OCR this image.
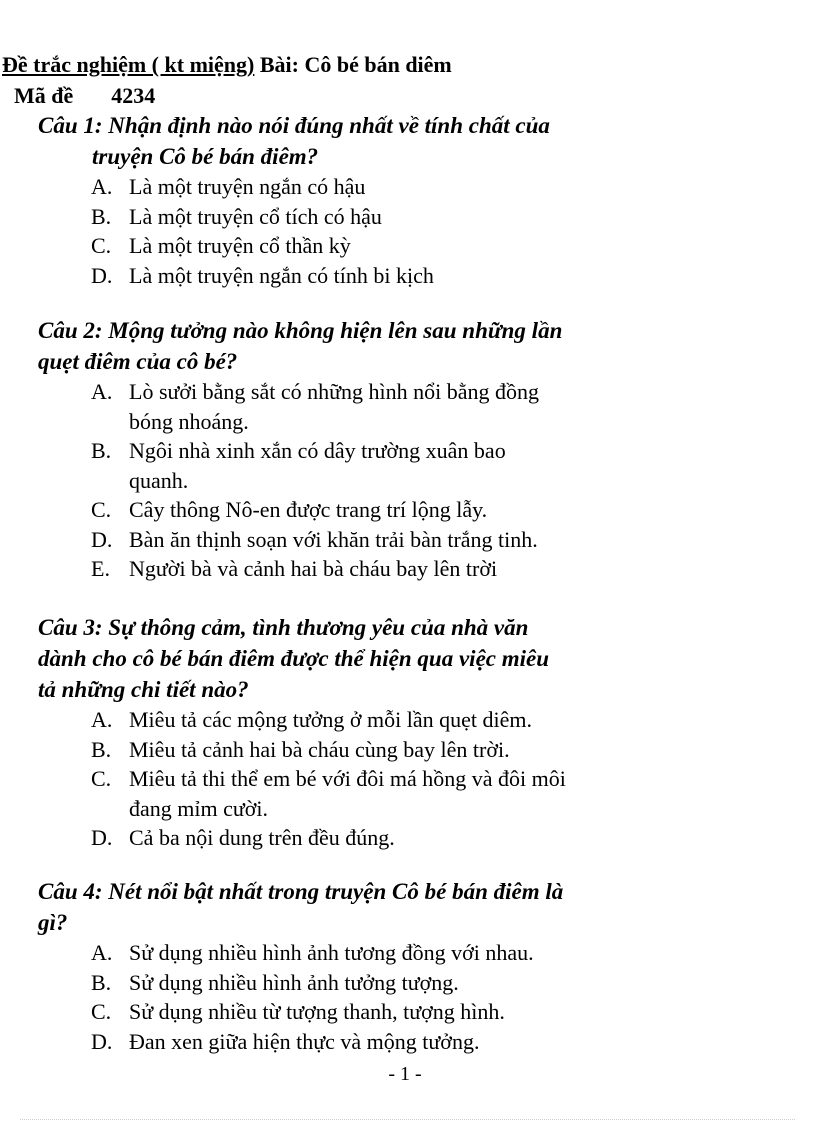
Đề trắc nghiệm ( kt miệng) Bài: Cô bé bán diêm
Mã đề 4234
Câu 1: Nhận định nào nói đúng nhất về tính chất của
truyện Cô bé bán điêm?
A. Là một truyện ngắn có hậu
B. Là một truyện cổ tích có hậu
C. Là một truyện cổ thần kỳ
D. Là một truyện ngắn có tính bi kịch
Câu 2: Mộng tưởng nào không hiện lên sau những lần
quẹt điêm của cô bé?
A. Lò sưởi bằng sắt có những hình nổi bằng đồng
bóng nhoáng.
B. Ngôi nhà xinh xắn có dây trường xuân bao
quanh.
C. Cây thông Nô-en được trang trí lộng lẫy.
D. Bàn ăn thịnh soạn với khăn trải bàn trắng tinh.
E. Người bà và cảnh hai bà cháu bay lên trời
Câu 3: Sự thông cảm, tình thương yêu của nhà văn
dành cho cô bé bán điêm được thể hiện qua việc miêu
tả những chi tiết nào?
A. Miêu tả các mộng tưởng ở mỗi lần quẹt diêm.
B. Miêu tả cảnh hai bà cháu cùng bay lên trời.
C. Miêu tả thi thể em bé với đôi má hồng và đôi môi
đang mỉm cười.
D. Cả ba nội dung trên đều đúng.
Câu 4: Nét nổi bật nhất trong truyện Cô bé bán điêm là
gì?
A. Sử dụng nhiều hình ảnh tương đồng với nhau.
B. Sử dụng nhiều hình ảnh tưởng tượng.
C. Sử dụng nhiều từ tượng thanh, tượng hình.
D. Đan xen giữa hiện thực và mộng tưởng.
- 1 -
